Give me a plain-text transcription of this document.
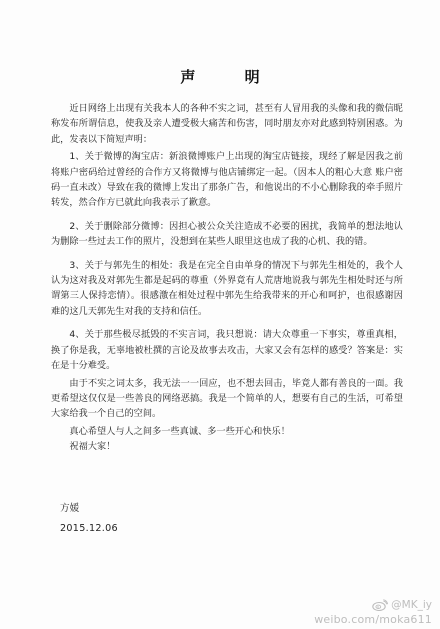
声 明

近日网络上出现有关我本人的各种不实之词，甚至有人冒用我的头像和我的微信昵称发布所谓信息，使我及亲人遭受极大痛苦和伤害，同时朋友亦对此感到特别困惑。为此，发表以下简短声明：

1、关于微博的淘宝店：新浪微博账户上出现的淘宝店链接，现经了解是因我之前将账户密码给过曾经的合作方又将微博与他店铺绑定一起。（因本人的粗心大意 账户密码一直未改）导致在我的微博上发出了那条广告，和他说出的不小心删除我的牵手照片转发，然合作方已就此向我表示了歉意。

2、关于删除部分微博：因担心被公众关注造成不必要的困扰，我简单的想法地认为删除一些过去工作的照片，没想到在某些人眼里这也成了我的心机、我的错。

3、关于与郭先生的相处：我是在完全自由单身的情况下与郭先生相处的，我个人认为这对我及对郭先生都是起码的尊重（外界竟有人荒唐地说我与郭先生相处时还与所谓第三人保持恋情）。很感激在相处过程中郭先生给我带来的开心和呵护，也很感谢因难的这几天郭先生对我的支持和信任。

4、关于那些极尽抵毁的不实言词，我只想说：请大众尊重一下事实，尊重真相，换了你是我，无辜地被杜撰的言论及故事去攻击，大家又会有怎样的感受？答案是：实在是十分难受。

由于不实之词太多，我无法一一回应，也不想去回击，毕竟人都有善良的一面。我更希望这仅仅是一些善良的网络恶搞。我是一个简单的人，想要有自己的生活，可希望大家给我一个自己的空间。

真心希望人与人之间多一些真诚、多一些开心和快乐！

祝福大家！

方媛
2015.12.06
@MK_iy
weibo.com/moka611
